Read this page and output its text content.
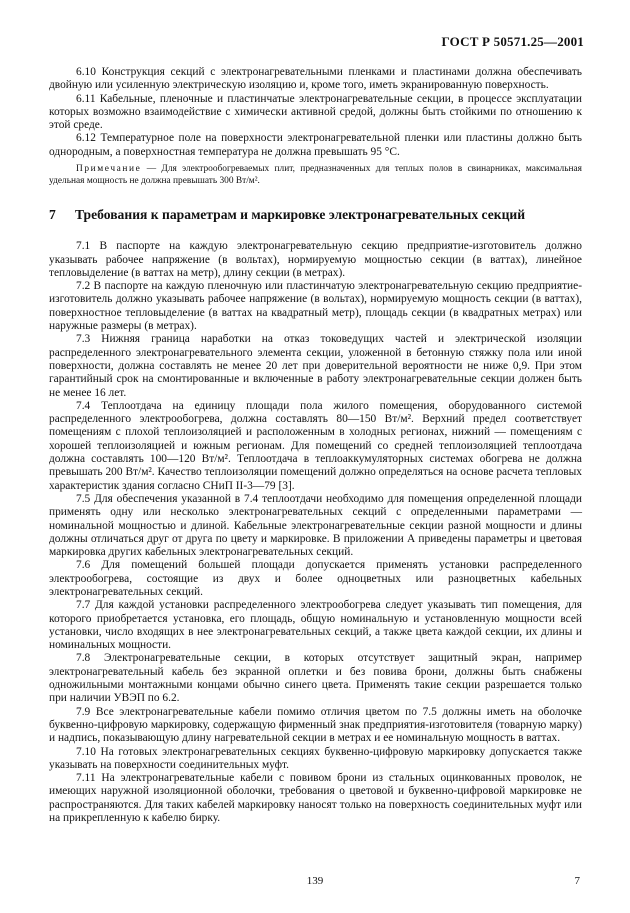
ГОСТ Р 50571.25—2001

6.10 Конструкция секций с электронагревательными пленками и пластинами должна обеспечивать двойную или усиленную электрическую изоляцию и, кроме того, иметь экранированную поверхность.

6.11 Кабельные, пленочные и пластинчатые электронагревательные секции, в процессе эксплуатации которых возможно взаимодействие с химически активной средой, должны быть стойкими по отношению к этой среде.

6.12 Температурное поле на поверхности электронагревательной пленки или пластины должно быть однородным, а поверхностная температура не должна превышать 95 °С.

Примечание — Для электрообогреваемых плит, предназначенных для теплых полов в свинарниках, максимальная удельная мощность не должна превышать 300 Вт/м².

7 Требования к параметрам и маркировке электронагревательных секций

7.1 В паспорте на каждую электронагревательную секцию предприятие-изготовитель должно указывать рабочее напряжение (в вольтах), нормируемую мощностью секции (в ваттах), линейное тепловыделение (в ваттах на метр), длину секции (в метрах).

7.2 В паспорте на каждую пленочную или пластинчатую электронагревательную секцию предприятие-изготовитель должно указывать рабочее напряжение (в вольтах), нормируемую мощность секции (в ваттах), поверхностное тепловыделение (в ваттах на квадратный метр), площадь секции (в квадратных метрах) или наружные размеры (в метрах).

7.3 Нижняя граница наработки на отказ токоведущих частей и электрической изоляции распределенного электронагревательного элемента секции, уложенной в бетонную стяжку пола или иной поверхности, должна составлять не менее 20 лет при доверительной вероятности не ниже 0,9. При этом гарантийный срок на смонтированные и включенные в работу электронагревательные секции должен быть не менее 16 лет.

7.4 Теплоотдача на единицу площади пола жилого помещения, оборудованного системой распределенного электрообогрева, должна составлять 80—150 Вт/м². Верхний предел соответствует помещениям с плохой теплоизоляцией и расположенным в холодных регионах, нижний — помещениям с хорошей теплоизоляцией и южным регионам. Для помещений со средней теплоизоляцией теплоотдача должна составлять 100—120 Вт/м². Теплоотдача в теплоаккумуляторных системах обогрева не должна превышать 200 Вт/м². Качество теплоизоляции помещений должно определяться на основе расчета тепловых характеристик здания согласно СНиП II-3—79 [3].

7.5 Для обеспечения указанной в 7.4 теплоотдачи необходимо для помещения определенной площади применять одну или несколько электронагревательных секций с определенными параметрами — номинальной мощностью и длиной. Кабельные электронагревательные секции разной мощности и длины должны отличаться друг от друга по цвету и маркировке. В приложении А приведены параметры и цветовая маркировка других кабельных электронагревательных секций.

7.6 Для помещений большей площади допускается применять установки распределенного электрообогрева, состоящие из двух и более одноцветных или разноцветных кабельных электронагревательных секций.

7.7 Для каждой установки распределенного электрообогрева следует указывать тип помещения, для которого приобретается установка, его площадь, общую номинальную и установленную мощности всей установки, число входящих в нее электронагревательных секций, а также цвета каждой секции, их длины и номинальных мощности.

7.8 Электронагревательные секции, в которых отсутствует защитный экран, например электронагревательный кабель без экранной оплетки и без повива брони, должны быть снабжены одножильными монтажными концами обычно синего цвета. Применять такие секции разрешается только при наличии УВЭП по 6.2.

7.9 Все электронагревательные кабели помимо отличия цветом по 7.5 должны иметь на оболочке буквенно-цифровую маркировку, содержащую фирменный знак предприятия-изготовителя (товарную марку) и надпись, показывающую длину нагревательной секции в метрах и ее номинальную мощность в ваттах.

7.10 На готовых электронагревательных секциях буквенно-цифровую маркировку допускается также указывать на поверхности соединительных муфт.

7.11 На электронагревательные кабели с повивом брони из стальных оцинкованных проволок, не имеющих наружной изоляционной оболочки, требования о цветовой и буквенно-цифровой маркировке не распространяются. Для таких кабелей маркировку наносят только на поверхность соединительных муфт или на прикрепленную к кабелю бирку.

139	7
